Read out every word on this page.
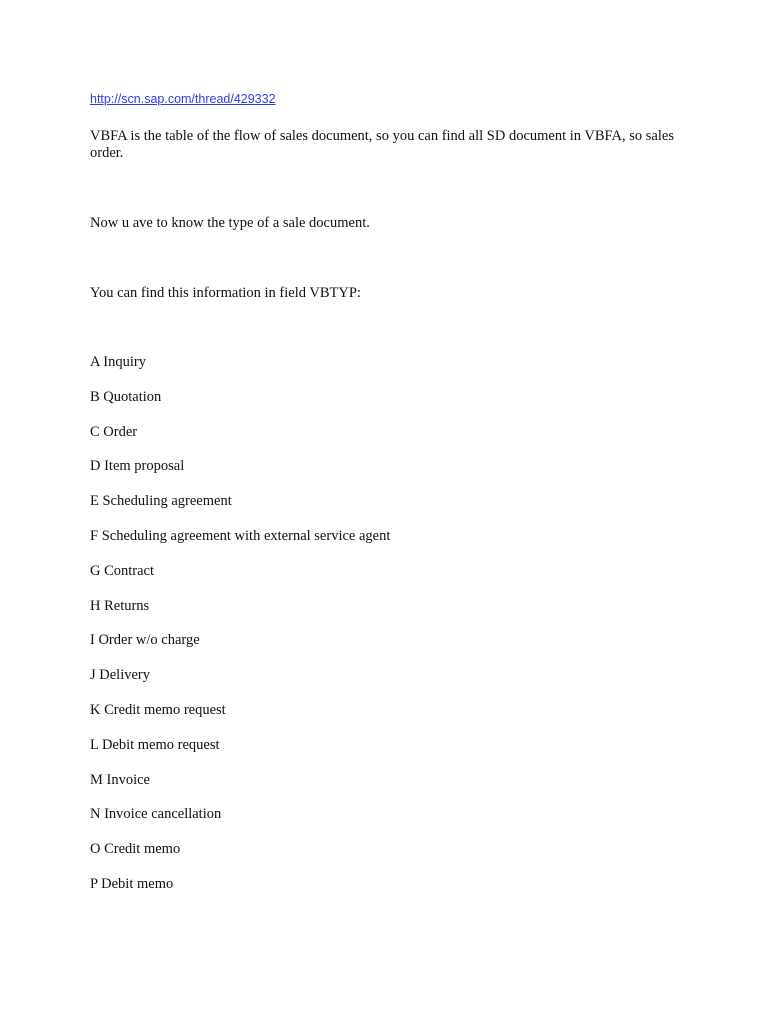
http://scn.sap.com/thread/429332

VBFA is the table of the flow of sales document, so you can find all SD document in VBFA, so sales order.

Now u ave to know the type of a sale document.

You can find this information in field VBTYP:

A Inquiry
B Quotation
C Order
D Item proposal
E Scheduling agreement
F Scheduling agreement with external service agent
G Contract
H Returns
I Order w/o charge
J Delivery
K Credit memo request
L Debit memo request
M Invoice
N Invoice cancellation
O Credit memo
P Debit memo
